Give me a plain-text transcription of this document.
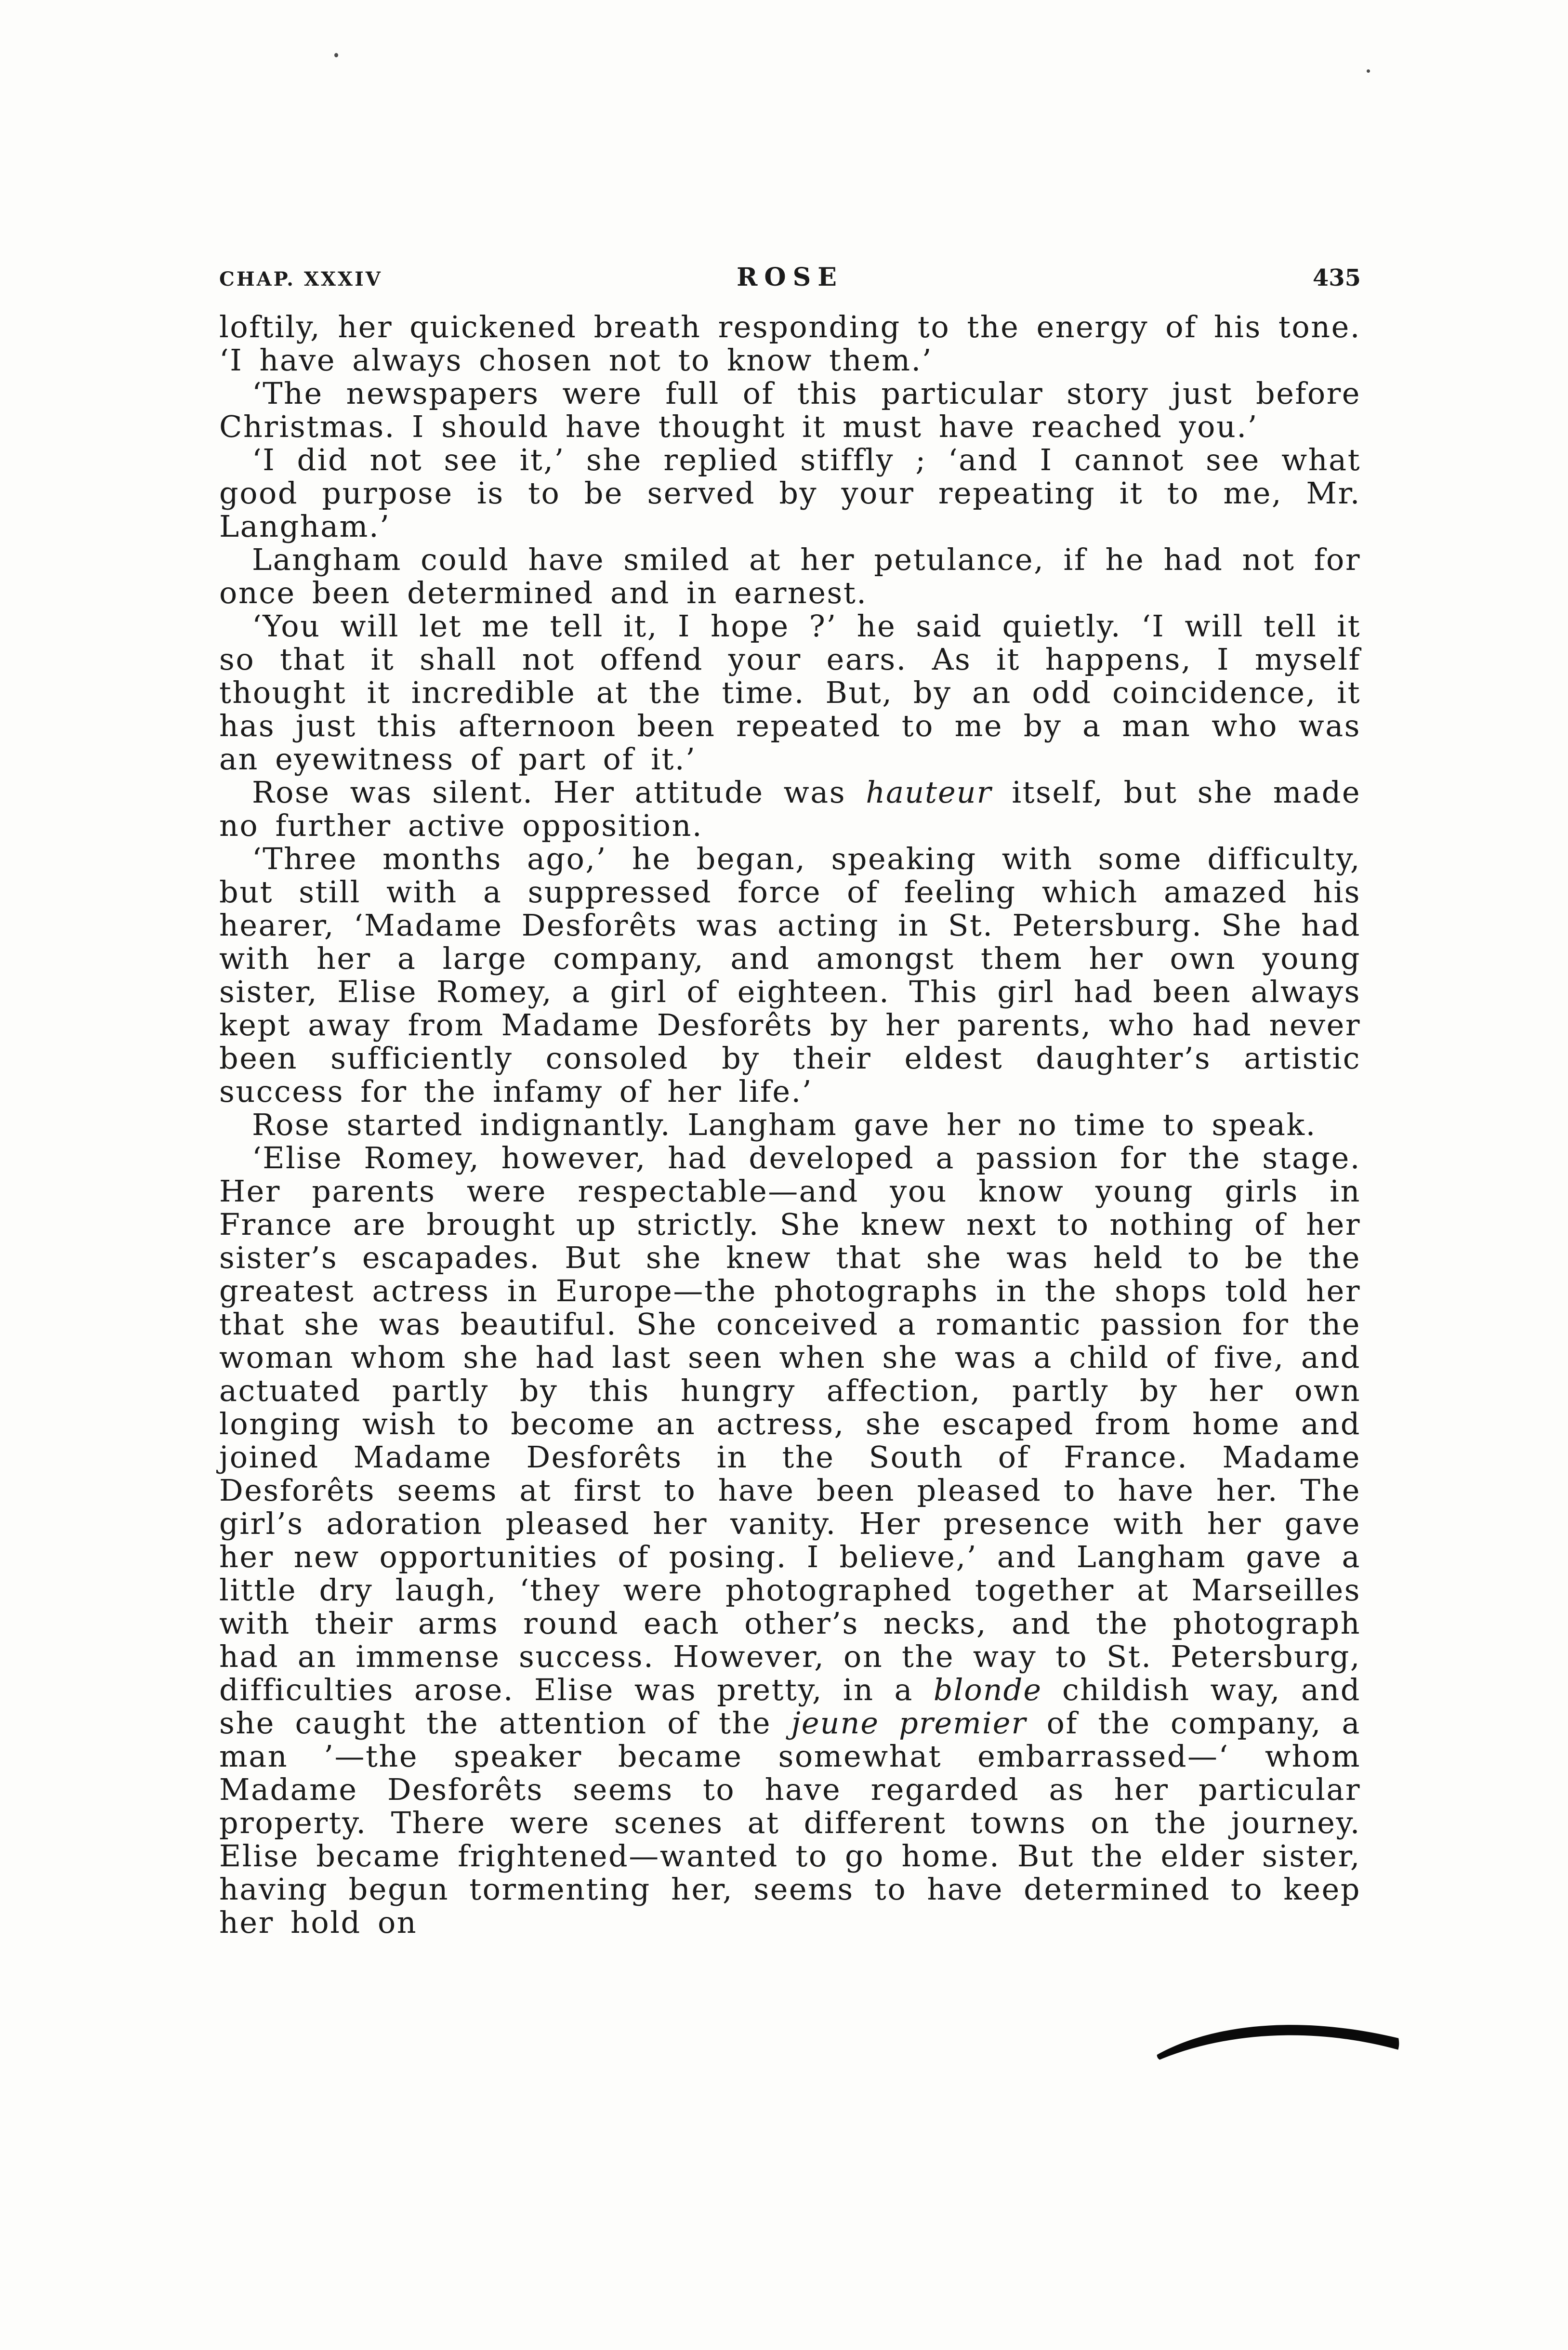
CHAP. XXXIV	ROSE	435

loftily, her quickened breath responding to the energy of his tone. ‘I have always chosen not to know them.’

‘The newspapers were full of this particular story just before Christmas. I should have thought it must have reached you.’

‘I did not see it,’ she replied stiffly ; ‘and I cannot see what good purpose is to be served by your repeating it to me, Mr. Langham.’

Langham could have smiled at her petulance, if he had not for once been determined and in earnest.

‘You will let me tell it, I hope ?’ he said quietly. ‘I will tell it so that it shall not offend your ears. As it happens, I myself thought it incredible at the time. But, by an odd coincidence, it has just this afternoon been repeated to me by a man who was an eyewitness of part of it.’

Rose was silent. Her attitude was hauteur itself, but she made no further active opposition.

‘Three months ago,’ he began, speaking with some difficulty, but still with a suppressed force of feeling which amazed his hearer, ‘Madame Desforêts was acting in St. Petersburg. She had with her a large company, and amongst them her own young sister, Elise Romey, a girl of eighteen. This girl had been always kept away from Madame Desforêts by her parents, who had never been sufficiently consoled by their eldest daughter’s artistic success for the infamy of her life.’

Rose started indignantly. Langham gave her no time to speak.

‘Elise Romey, however, had developed a passion for the stage. Her parents were respectable—and you know young girls in France are brought up strictly. She knew next to nothing of her sister’s escapades. But she knew that she was held to be the greatest actress in Europe—the photographs in the shops told her that she was beautiful. She conceived a romantic passion for the woman whom she had last seen when she was a child of five, and actuated partly by this hungry affection, partly by her own longing wish to become an actress, she escaped from home and joined Madame Desforêts in the South of France. Madame Desforêts seems at first to have been pleased to have her. The girl’s adoration pleased her vanity. Her presence with her gave her new opportunities of posing. I believe,’ and Langham gave a little dry laugh, ‘they were photographed together at Marseilles with their arms round each other’s necks, and the photograph had an immense success. However, on the way to St. Petersburg, difficulties arose. Elise was pretty, in a blonde childish way, and she caught the attention of the jeune premier of the company, a man ’—the speaker became somewhat embarrassed—‘ whom Madame Desforêts seems to have regarded as her particular property. There were scenes at different towns on the journey. Elise became frightened—wanted to go home. But the elder sister, having begun tormenting her, seems to have determined to keep her hold on
